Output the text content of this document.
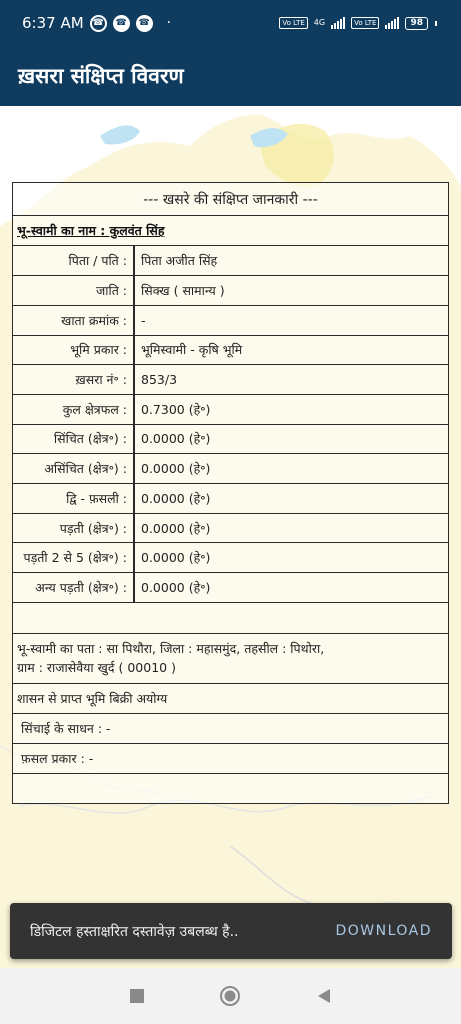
6:37 AM ☎	☎	☎ ·	Vo LTE	4G	Vo LTE	98
ख़सरा संक्षिप्त विवरण
--- खसरे की संक्षिप्त जानकारी ---
भू-स्वामी का नाम : कुलवंत सिंह
पिता / पति :	पिता अजीत सिंह
जाति :	सिक्ख ( सामान्य )
खाता क्रमांक :	-
भूमि प्रकार :	भूमिस्वामी - कृषि भूमि
ख़सरा नं॰ :	853/3
कुल क्षेत्रफल :	0.7300 (हे॰)
सिंचित (क्षेत्र॰) :	0.0000 (हे॰)
असिंचित (क्षेत्र॰) :	0.0000 (हे॰)
द्वि - फ़सली :	0.0000 (हे॰)
पड़ती (क्षेत्र॰) :	0.0000 (हे॰)
पड़ती 2 से 5 (क्षेत्र॰) :	0.0000 (हे॰)
अन्य पड़ती (क्षेत्र॰) :	0.0000 (हे॰)
भू-स्वामी का पता : सा पिथौरा, जिला : महासमुंद, तहसील : पिथोरा,
ग्राम : राजासेवैया खुर्द ( 00010 )
शासन से प्राप्त भूमि बिक्री अयोग्य
सिंचाई के साधन : -
फ़सल प्रकार : -
डिजिटल हस्ताक्षरित दस्तावेज़ उबलब्ध है..	DOWNLOAD
